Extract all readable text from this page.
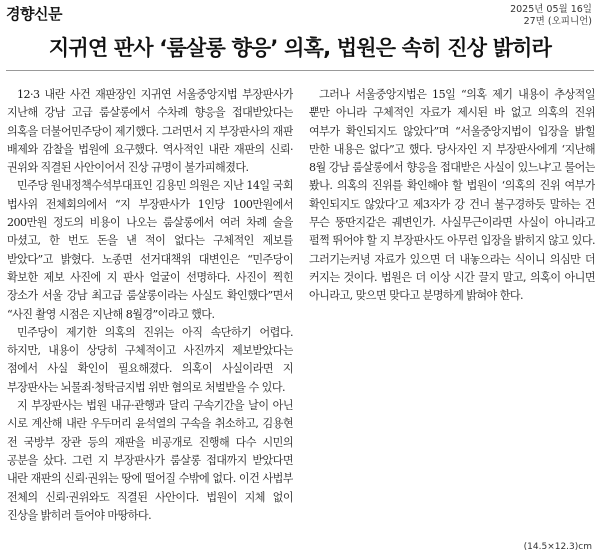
경향신문	2025년 05월 16일
27면 (오피니언)
지귀연 판사 ‘룸살롱 향응’ 의혹, 법원은 속히 진상 밝히라

12·3 내란 사건 재판장인 지귀연 서울중앙지법 부장판사가 지난해 강남 고급 룸살롱에서 수차례 향응을 접대받았다는 의혹을 더불어민주당이 제기했다. 그러면서 지 부장판사의 재판 배제와 감찰을 법원에 요구했다. 역사적인 내란 재판의 신뢰·권위와 직결된 사안이어서 진상 규명이 불가피해졌다.

민주당 원내정책수석부대표인 김용민 의원은 지난 14일 국회 법사위 전체회의에서 “지 부장판사가 1인당 100만원에서 200만원 정도의 비용이 나오는 룸살롱에서 여러 차례 술을 마셨고, 한 번도 돈을 낸 적이 없다는 구체적인 제보를 받았다”고 밝혔다. 노종면 선거대책위 대변인은 “민주당이 확보한 제보 사진에 지 판사 얼굴이 선명하다. 사진이 찍힌 장소가 서울 강남 최고급 룸살롱이라는 사실도 확인했다”면서 “사진 촬영 시점은 지난해 8월경”이라고 했다.

민주당이 제기한 의혹의 진위는 아직 속단하기 어렵다. 하지만, 내용이 상당히 구체적이고 사진까지 제보받았다는 점에서 사실 확인이 필요해졌다. 의혹이 사실이라면 지 부장판사는 뇌물죄·청탁금지법 위반 혐의로 처벌받을 수 있다.

지 부장판사는 법원 내규·관행과 달리 구속기간을 날이 아닌 시로 계산해 내란 우두머리 윤석열의 구속을 취소하고, 김용현 전 국방부 장관 등의 재판을 비공개로 진행해 다수 시민의 공분을 샀다. 그런 지 부장판사가 룸살롱 접대까지 받았다면 내란 재판의 신뢰·권위는 땅에 떨어질 수밖에 없다. 이건 사법부 전체의 신뢰·권위와도 직결된 사안이다. 법원이 지체 없이 진상을 밝히러 들어야 마땅하다.

그러나 서울중앙지법은 15일 “의혹 제기 내용이 추상적일 뿐만 아니라 구체적인 자료가 제시된 바 없고 의혹의 진위 여부가 확인되지도 않았다”며 “서울중앙지법이 입장을 밝힐 만한 내용은 없다”고 했다. 당사자인 지 부장판사에게 ‘지난해 8월 강남 룸살롱에서 향응을 접대받은 사실이 있느냐’고 물어는 봤나. 의혹의 진위를 확인해야 할 법원이 ‘의혹의 진위 여부가 확인되지도 않았다’고 제3자가 강 건너 불구경하듯 말하는 건 무슨 뚱딴지같은 궤변인가. 사실무근이라면 사실이 아니라고 펄쩍 뛰어야 할 지 부장판사도 아무런 입장을 밝히지 않고 있다. 그러기는커녕 자료가 있으면 더 내놓으라는 식이니 의심만 더 커지는 것이다. 법원은 더 이상 시간 끌지 말고, 의혹이 아니면 아니라고, 맞으면 맞다고 분명하게 밝혀야 한다.

(14.5×12.3)cm
